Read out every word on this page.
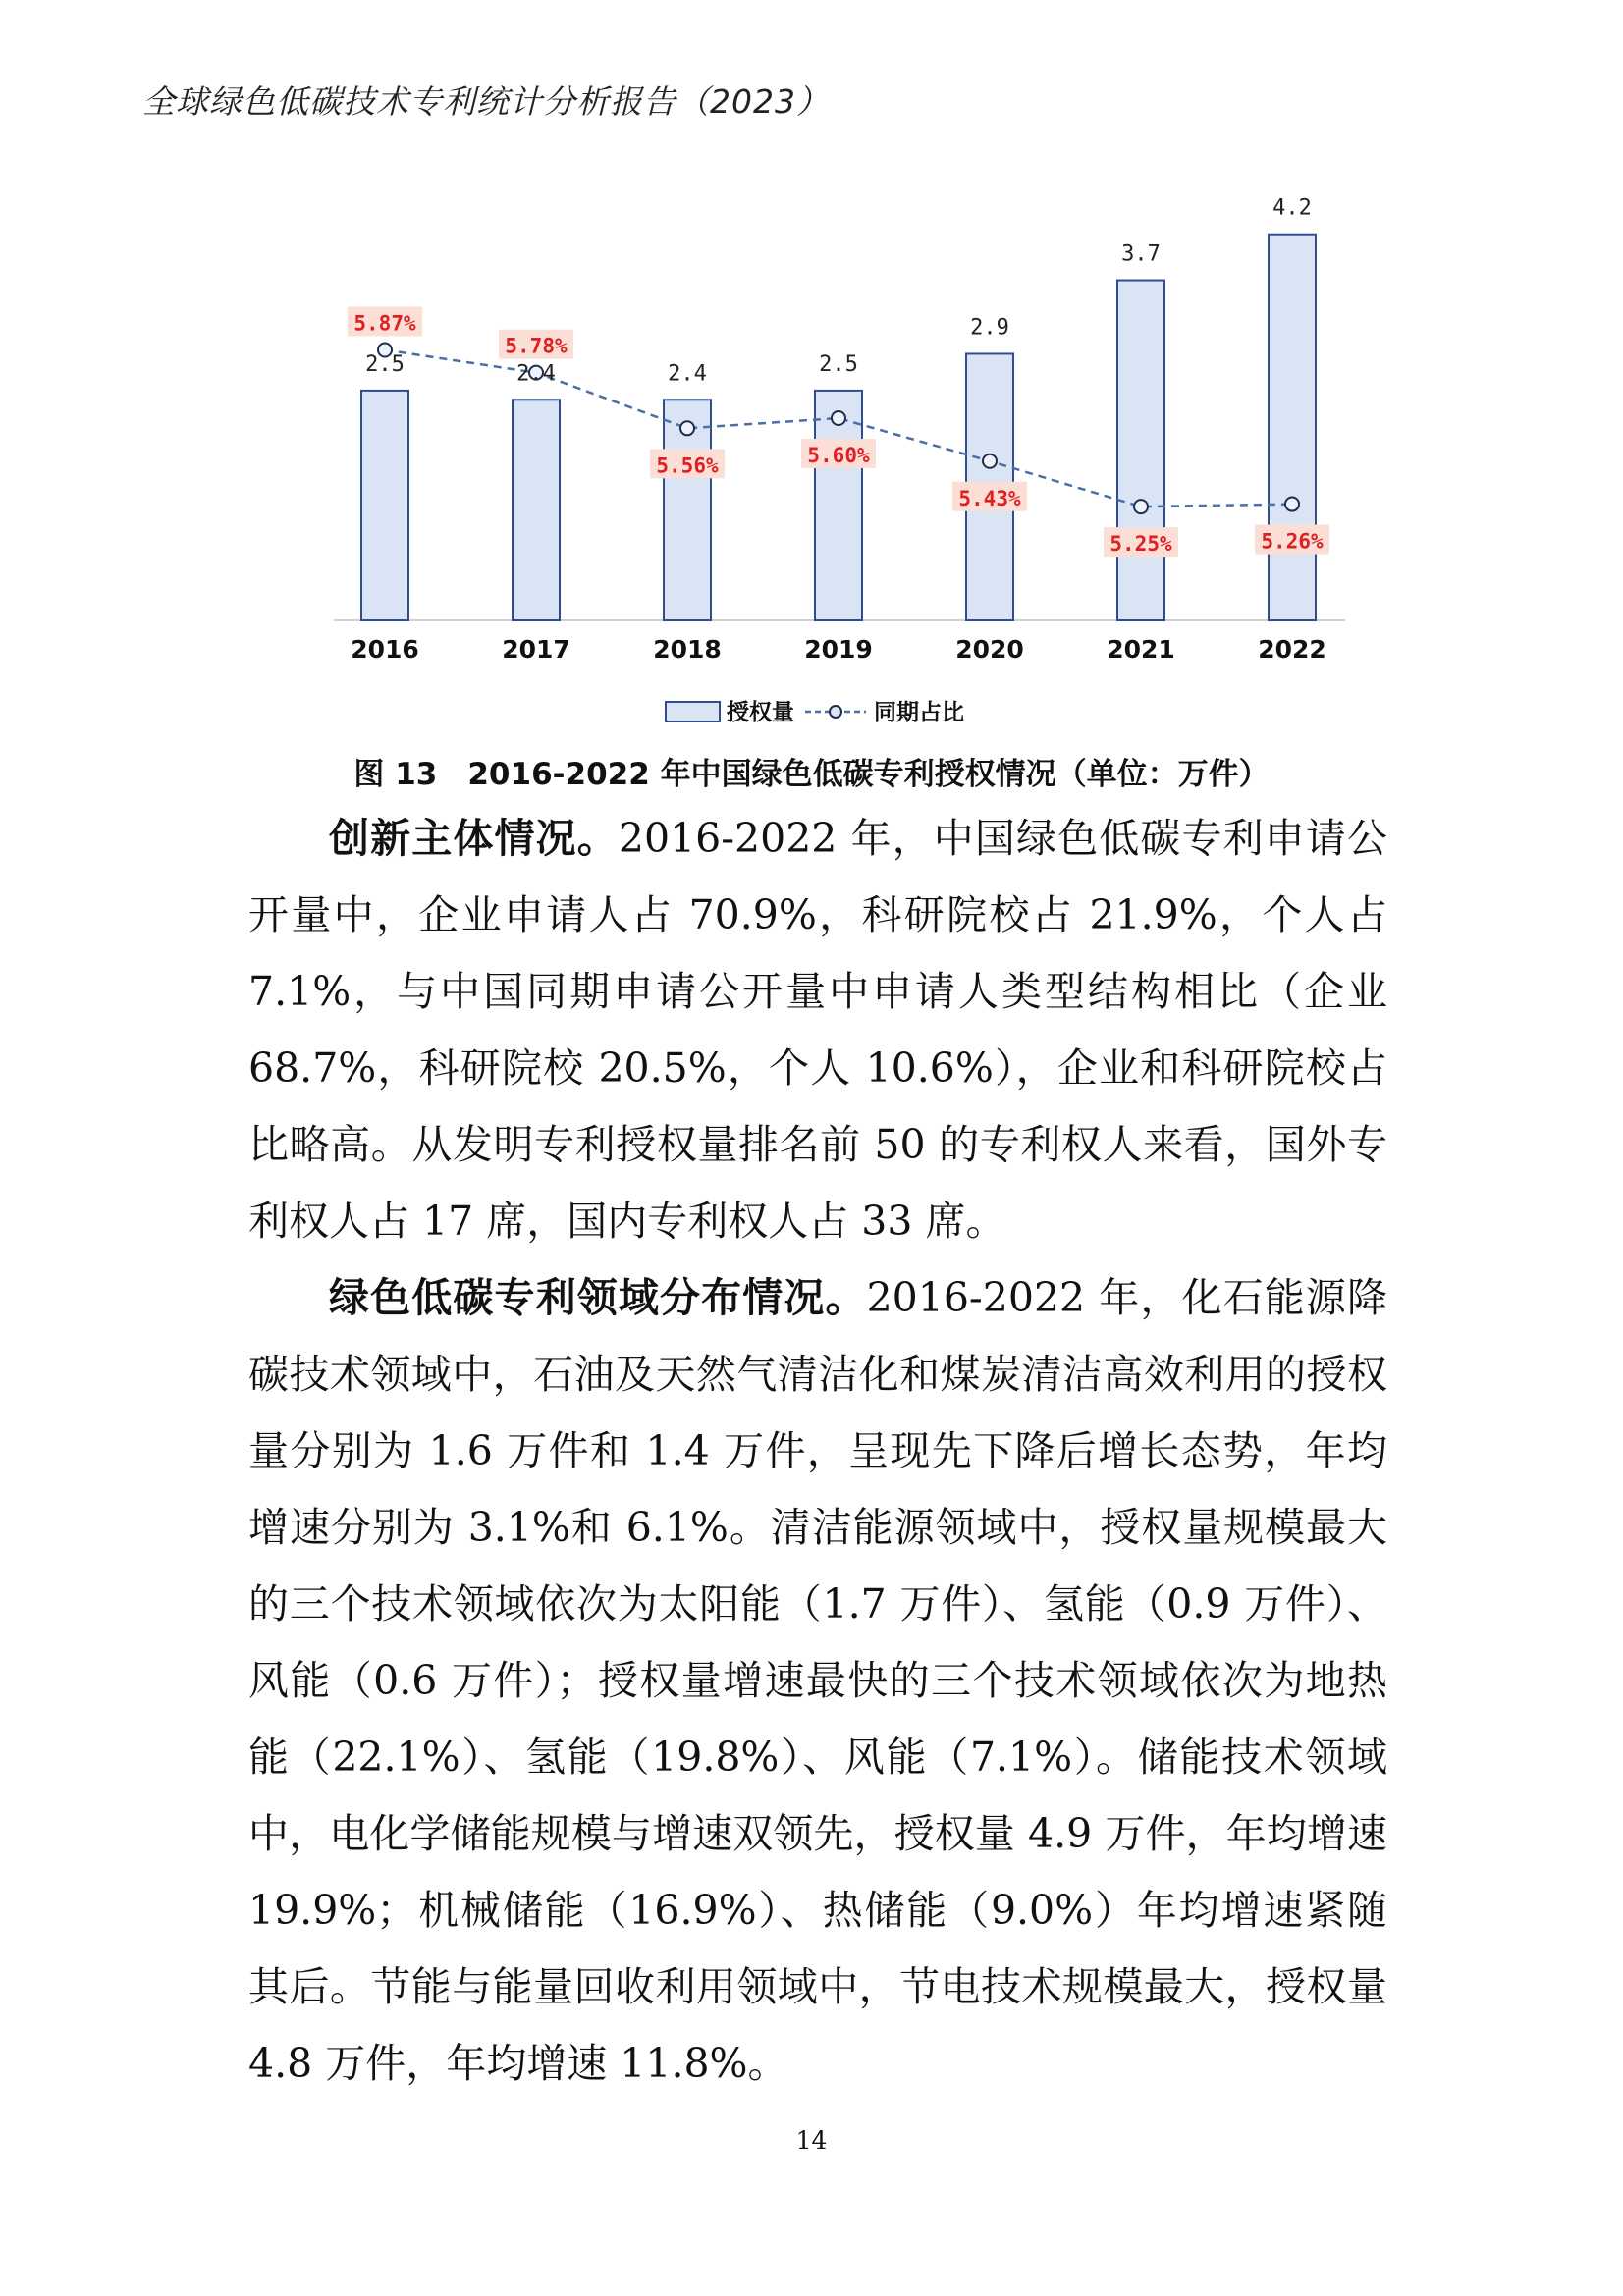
全球绿色低碳技术专利统计分析报告（2023）
2.5	2.4	2.4	2.5
2.9
3.7
4.2
5.87%
5.78%
5.56%	5.60%
5.43%
5.25%	5.26%
2016	2017	2018	2019	2020	2021	2022
授权量	同期占比
图 13　2016-2022 年中国绿色低碳专利授权情况（单位：万件）

创新主体情况。2016-2022 年，中国绿色低碳专利申请公开量中，企业申请人占 70.9%，科研院校占 21.9%，个人占 7.1%，与中国同期申请公开量中申请人类型结构相比（企业 68.7%，科研院校 20.5%，个人 10.6%），企业和科研院校占比略高。从发明专利授权量排名前 50 的专利权人来看，国外专利权人占 17 席，国内专利权人占 33 席。

绿色低碳专利领域分布情况。2016-2022 年，化石能源降碳技术领域中，石油及天然气清洁化和煤炭清洁高效利用的授权量分别为 1.6 万件和 1.4 万件，呈现先下降后增长态势，年均增速分别为 3.1%和 6.1%。清洁能源领域中，授权量规模最大的三个技术领域依次为太阳能（1.7 万件）、氢能（0.9 万件）、风能（0.6 万件）；授权量增速最快的三个技术领域依次为地热能（22.1%）、氢能（19.8%）、风能（7.1%）。储能技术领域中，电化学储能规模与增速双领先，授权量 4.9 万件，年均增速 19.9%；机械储能（16.9%）、热储能（9.0%）年均增速紧随其后。节能与能量回收利用领域中，节电技术规模最大，授权量 4.8 万件，年均增速 11.8%。

14
